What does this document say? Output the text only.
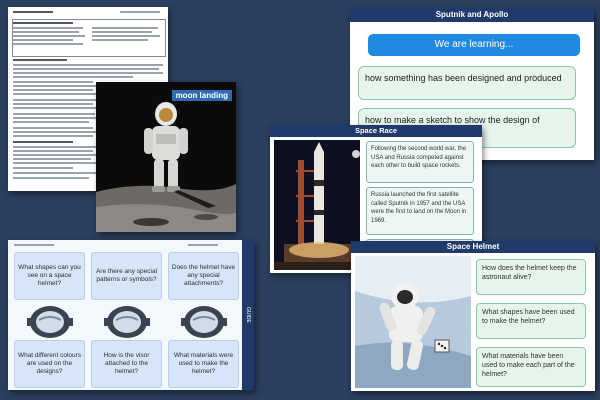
Sputnik and Apollo
We are learning...
how something has been designed and produced
how to make a sketch to show the design of
moon landing
Space Race
Following the second world war, the USA and Russia competed against each other to build space rockets.
Russia launched the first satellite called Sputnik in 1957 and the USA were the first to land on the Moon in 1969.
What shapes can you see on a space helmet?
Are there any special patterns or symbols?
Does the helmet have any special attachments?
What different colours are used on the designs?
How is the visor attached to the helmet?
What materials were used to make the helmet?
GUIDE
Space Helmet
How does the helmet keep the astronaut alive?
What shapes have been used to make the helmet?
What materials have been used to make each part of the helmet?
